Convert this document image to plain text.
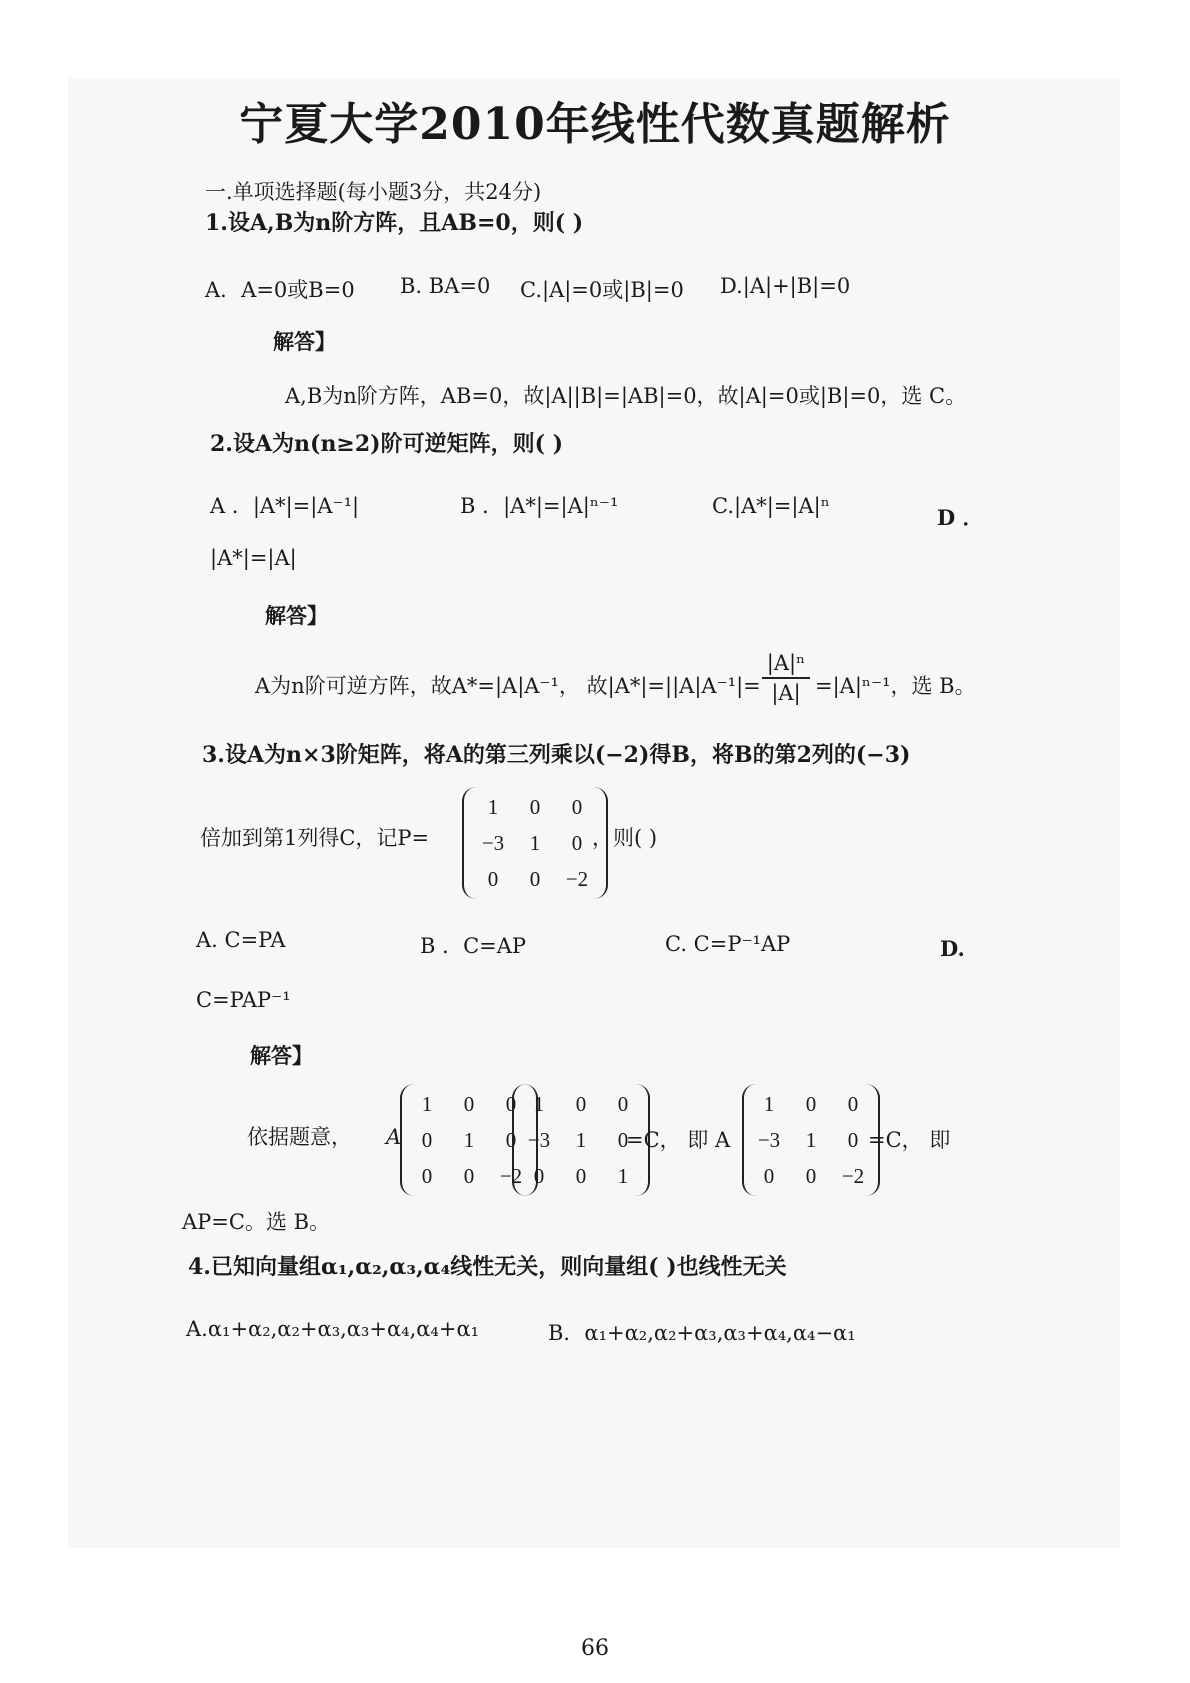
宁夏大学2010年线性代数真题解析
一.单项选择题(每小题3分，共24分)
1.设A,B为n阶方阵，且AB=0，则( )
A．A=0或B=0 B. BA=0 C.|A|=0或|B|=0 D.|A|+|B|=0
解答】
A,B为n阶方阵，AB=0，故|A||B|=|AB|=0，故|A|=0或|B|=0，选 C。
2.设A为n(n≥2)阶可逆矩阵，则( )
A ．|A*|=|A⁻¹|	B ．|A*|=|A|ⁿ⁻¹	C.|A*|=|A|ⁿ	D ．
|A*|=|A|
解答】
A为n阶可逆方阵，故A*=|A|A⁻¹， 故|A*|=||A|A⁻¹|=
|A|ⁿ
|A| =|A|ⁿ⁻¹，选 B。
3.设A为n×3阶矩阵，将A的第三列乘以(−2)得B，将B的第2列的(−3)
倍加到第1列得C，记P=
1	0	0
−3	1	0
0	0	−2
，则( )
A. C=PA	B ．C=AP	C. C=P⁻¹AP	D.
C=PAP⁻¹
解答】
依据题意， A
1	0	0
0	1	0
0	0	−2
1	0	0
−3	1	0
0	0	1
=C， 即 A
1	0	0
−3	1	0
0	0	−2
=C， 即
AP=C。选 B。
4.已知向量组α₁,α₂,α₃,α₄线性无关，则向量组( )也线性无关
A.α₁+α₂,α₂+α₃,α₃+α₄,α₄+α₁	B．α₁+α₂,α₂+α₃,α₃+α₄,α₄−α₁
66
